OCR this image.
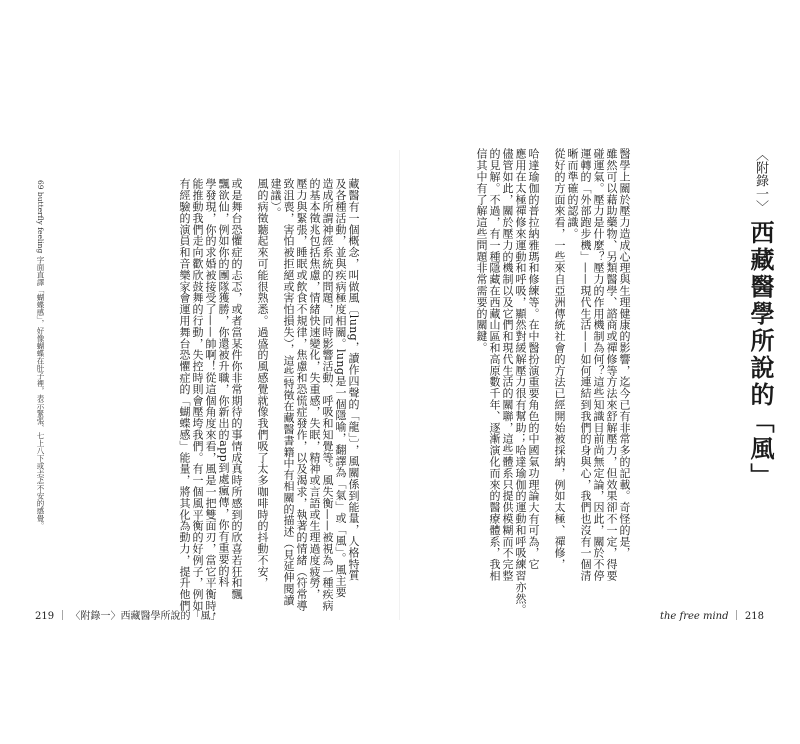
藏醫有一個概念，叫做風〔lung，讀作四聲的「龍」〕，風關係到能量，人格特質
及各種活動，並與疾病極度相關。lung是一個隱喻，翻譯為「氣」或「風」。風主要
造成所謂神經系統的問題，同時影響活動、呼吸和知覺等。風失衡——被視為一種疾病
的基本徵兆包括焦慮，情緒快速變化，失重感，失眠，精神或言語或生理過度疲勞，
壓力與緊張，睡眠或飲食不規律，焦慮和恐慌症發作，以及渴求，執著的情緒（符常導
致沮喪，害怕被拒絕或害怕損失），這些特徵在藏醫書籍中有相關的描述（見延伸閱讀
建議）。
風的病徵聽起來可能很熟悉。過盛的風感覺就像我們吸了太多咖啡時的抖動不安，
或是舞台恐懼症的忐忑，或者當某件你非常期待的事情成真時所感到的欣喜若狂和飄
飄欲仙，例如你的團隊獲勝，你還被升職，你新出的app到處瘋傳，你有重要的科
學發現，你的求婚被接受了——帥啊！從這個角度來看，風是一把雙面刃，當它平衡時，
能推動我們走向歡欣鼓舞的行動，失控時則會壓垮我們。有一個風平衡的好例子，例如
有經驗的演員和音樂家會運用舞台恐懼症的「蝴蝶感」能量，將其化為動力，提升他們
69 butterfly feeling 字面直譯「蝴蝶感」，好像蝴蝶在肚子裡，表示緊張、七上八下或忐忑不安的感覺。
219 ｜ 〈附錄一〉西藏醫學所說的「風」
〈附錄一〉 西藏醫學所說的「風」
醫學上關於壓力造成心理與生理健康的影響，迄今已有非常多的記載。奇怪的是，
雖然可以藉助藥物、另類醫學、諮商或禪修等方法來舒解壓力，但效果卻不一定，得要
碰運氣。壓力是什麼？壓力的作用機制為何？這些知識目前尚無定論，因此，關於不停
運轉的「外部跑步機」——現代生活——如何連結到我們的身與心，我們也沒有一個清
晰而準確的認識。
從好的方面來看，一些來自亞洲傳統社會的方法已經開始被採納，例如太極、禪修，
哈達瑜伽的普拉納雅瑪和修練等。在中醫扮演重要角色的中國氣功理論大有可為，它
應用在太極禪修來運動和呼吸，顯然對緩解壓力很有幫助；哈達瑜伽的運動和呼吸練習亦然。
儘管如此，關於壓力的機制以及它們和現代生活的關聯，這些體系只提供模糊而不完整
的見解。不過，有一種隱藏在西藏山區和高原數千年、逐漸演化而來的醫療體系，我相
信其中有了解這些問題非常需要的關鍵。
the free mind ｜ 218
